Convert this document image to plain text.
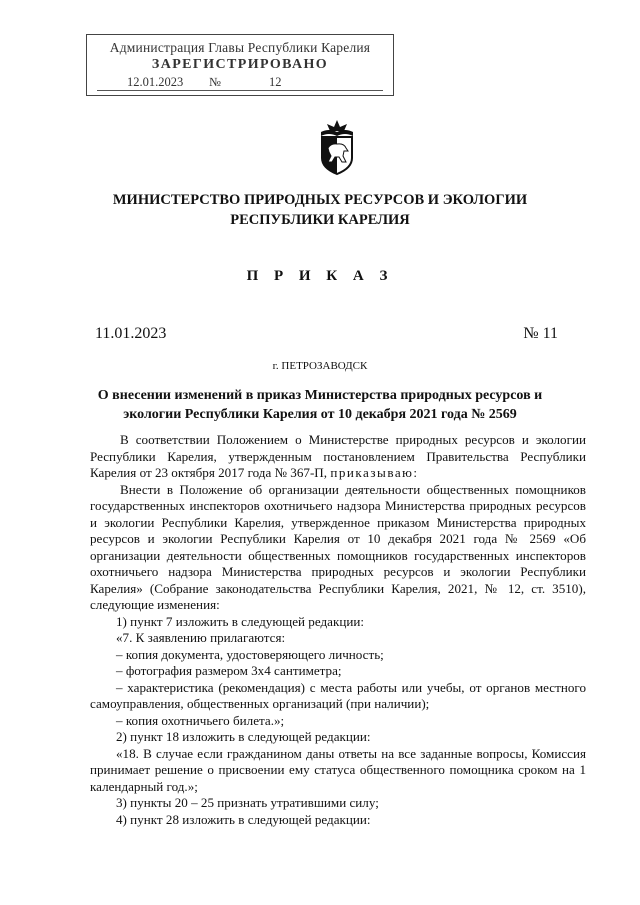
Администрация Главы Республики Карелия
ЗАРЕГИСТРИРОВАНО
12.01.2023 №	12
МИНИСТЕРСТВО ПРИРОДНЫХ РЕСУРСОВ И ЭКОЛОГИИ
РЕСПУБЛИКИ КАРЕЛИЯ
П Р И К А З
11.01.2023	№ 11
г. ПЕТРОЗАВОДСК
О внесении изменений в приказ Министерства природных ресурсов и экологии Республики Карелия от 10 декабря 2021 года № 2569

В соответствии Положением о Министерстве природных ресурсов и экологии Республики Карелия, утвержденным постановлением Правительства Республики Карелия от 23 октября 2017 года № 367-П, приказываю:

Внести в Положение об организации деятельности общественных помощников государственных инспекторов охотничьего надзора Министерства природных ресурсов и экологии Республики Карелия, утвержденное приказом Министерства природных ресурсов и экологии Республики Карелия от 10 декабря 2021 года № 2569 «Об организации деятельности общественных помощников государственных инспекторов охотничьего надзора Министерства природных ресурсов и экологии Республики Карелия» (Собрание законодательства Республики Карелия, 2021, № 12, ст. 3510), следующие изменения:

1) пункт 7 изложить в следующей редакции:

«7. К заявлению прилагаются:

– копия документа, удостоверяющего личность;

– фотография размером 3x4 сантиметра;

– характеристика (рекомендация) с места работы или учебы, от органов местного самоуправления, общественных организаций (при наличии);

– копия охотничьего билета.»;

2) пункт 18 изложить в следующей редакции:

«18. В случае если гражданином даны ответы на все заданные вопросы, Комиссия принимает решение о присвоении ему статуса общественного помощника сроком на 1 календарный год.»;

3) пункты 20 – 25 признать утратившими силу;

4) пункт 28 изложить в следующей редакции:
